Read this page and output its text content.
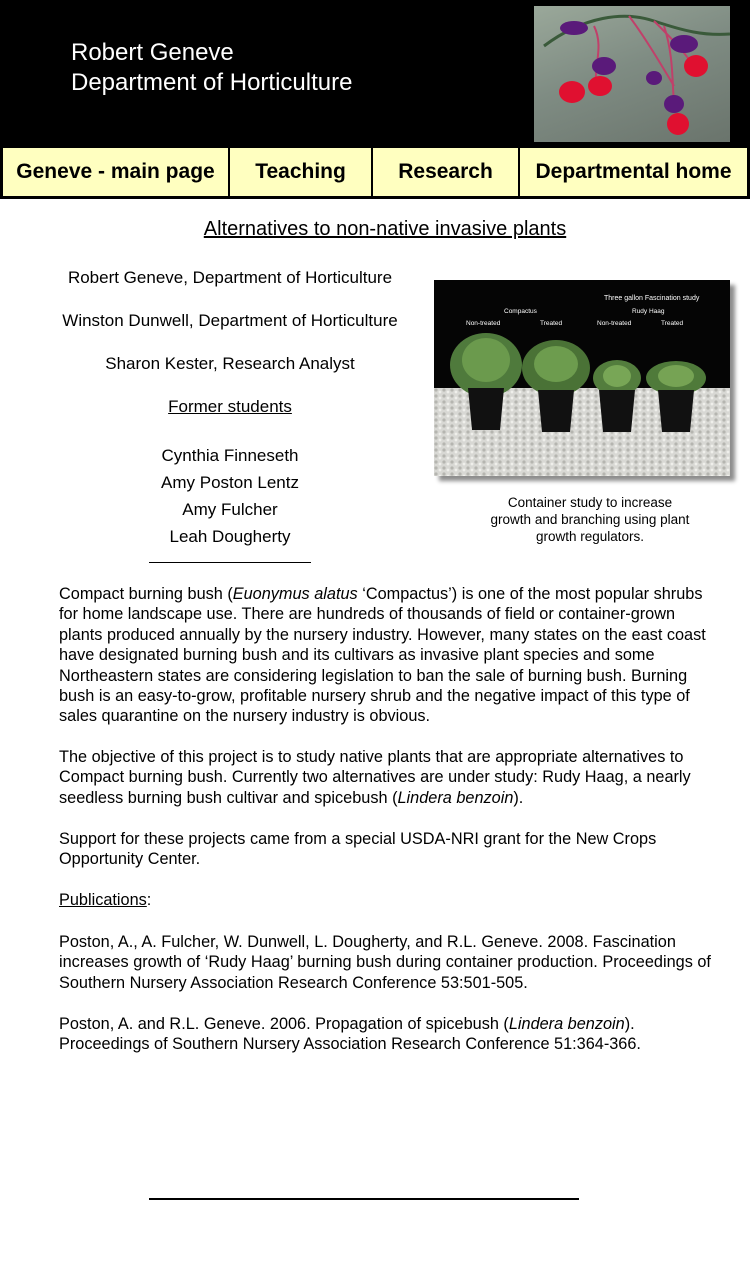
Robert Geneve
Department of Horticulture
Geneve - main page	Teaching	Research	Departmental home
Alternatives to non-native invasive plants
Robert Geneve, Department of Horticulture
Winston Dunwell, Department of Horticulture
Sharon Kester, Research Analyst
Former students
Cynthia Finneseth
Amy Poston Lentz
Amy Fulcher
Leah Dougherty
Three gallon Fascination study
Compactus	Rudy Haag
Non-treated	Treated	Non-treated	Treated
Container study to increase growth and branching using plant growth regulators.

Compact burning bush (Euonymus alatus ‘Compactus’) is one of the most popular shrubs for home landscape use. There are hundreds of thousands of field or container-grown plants produced annually by the nursery industry. However, many states on the east coast have designated burning bush and its cultivars as invasive plant species and some Northeastern states are considering legislation to ban the sale of burning bush. Burning bush is an easy-to-grow, profitable nursery shrub and the negative impact of this type of sales quarantine on the nursery industry is obvious.

The objective of this project is to study native plants that are appropriate alternatives to Compact burning bush. Currently two alternatives are under study: Rudy Haag, a nearly seedless burning bush cultivar and spicebush (Lindera benzoin).

Support for these projects came from a special USDA-NRI grant for the New Crops Opportunity Center.

Publications:

Poston, A., A. Fulcher, W. Dunwell, L. Dougherty, and R.L. Geneve. 2008. Fascination increases growth of ‘Rudy Haag’ burning bush during container production. Proceedings of Southern Nursery Association Research Conference 53:501-505.

Poston, A. and R.L. Geneve. 2006. Propagation of spicebush (Lindera benzoin). Proceedings of Southern Nursery Association Research Conference 51:364-366.
